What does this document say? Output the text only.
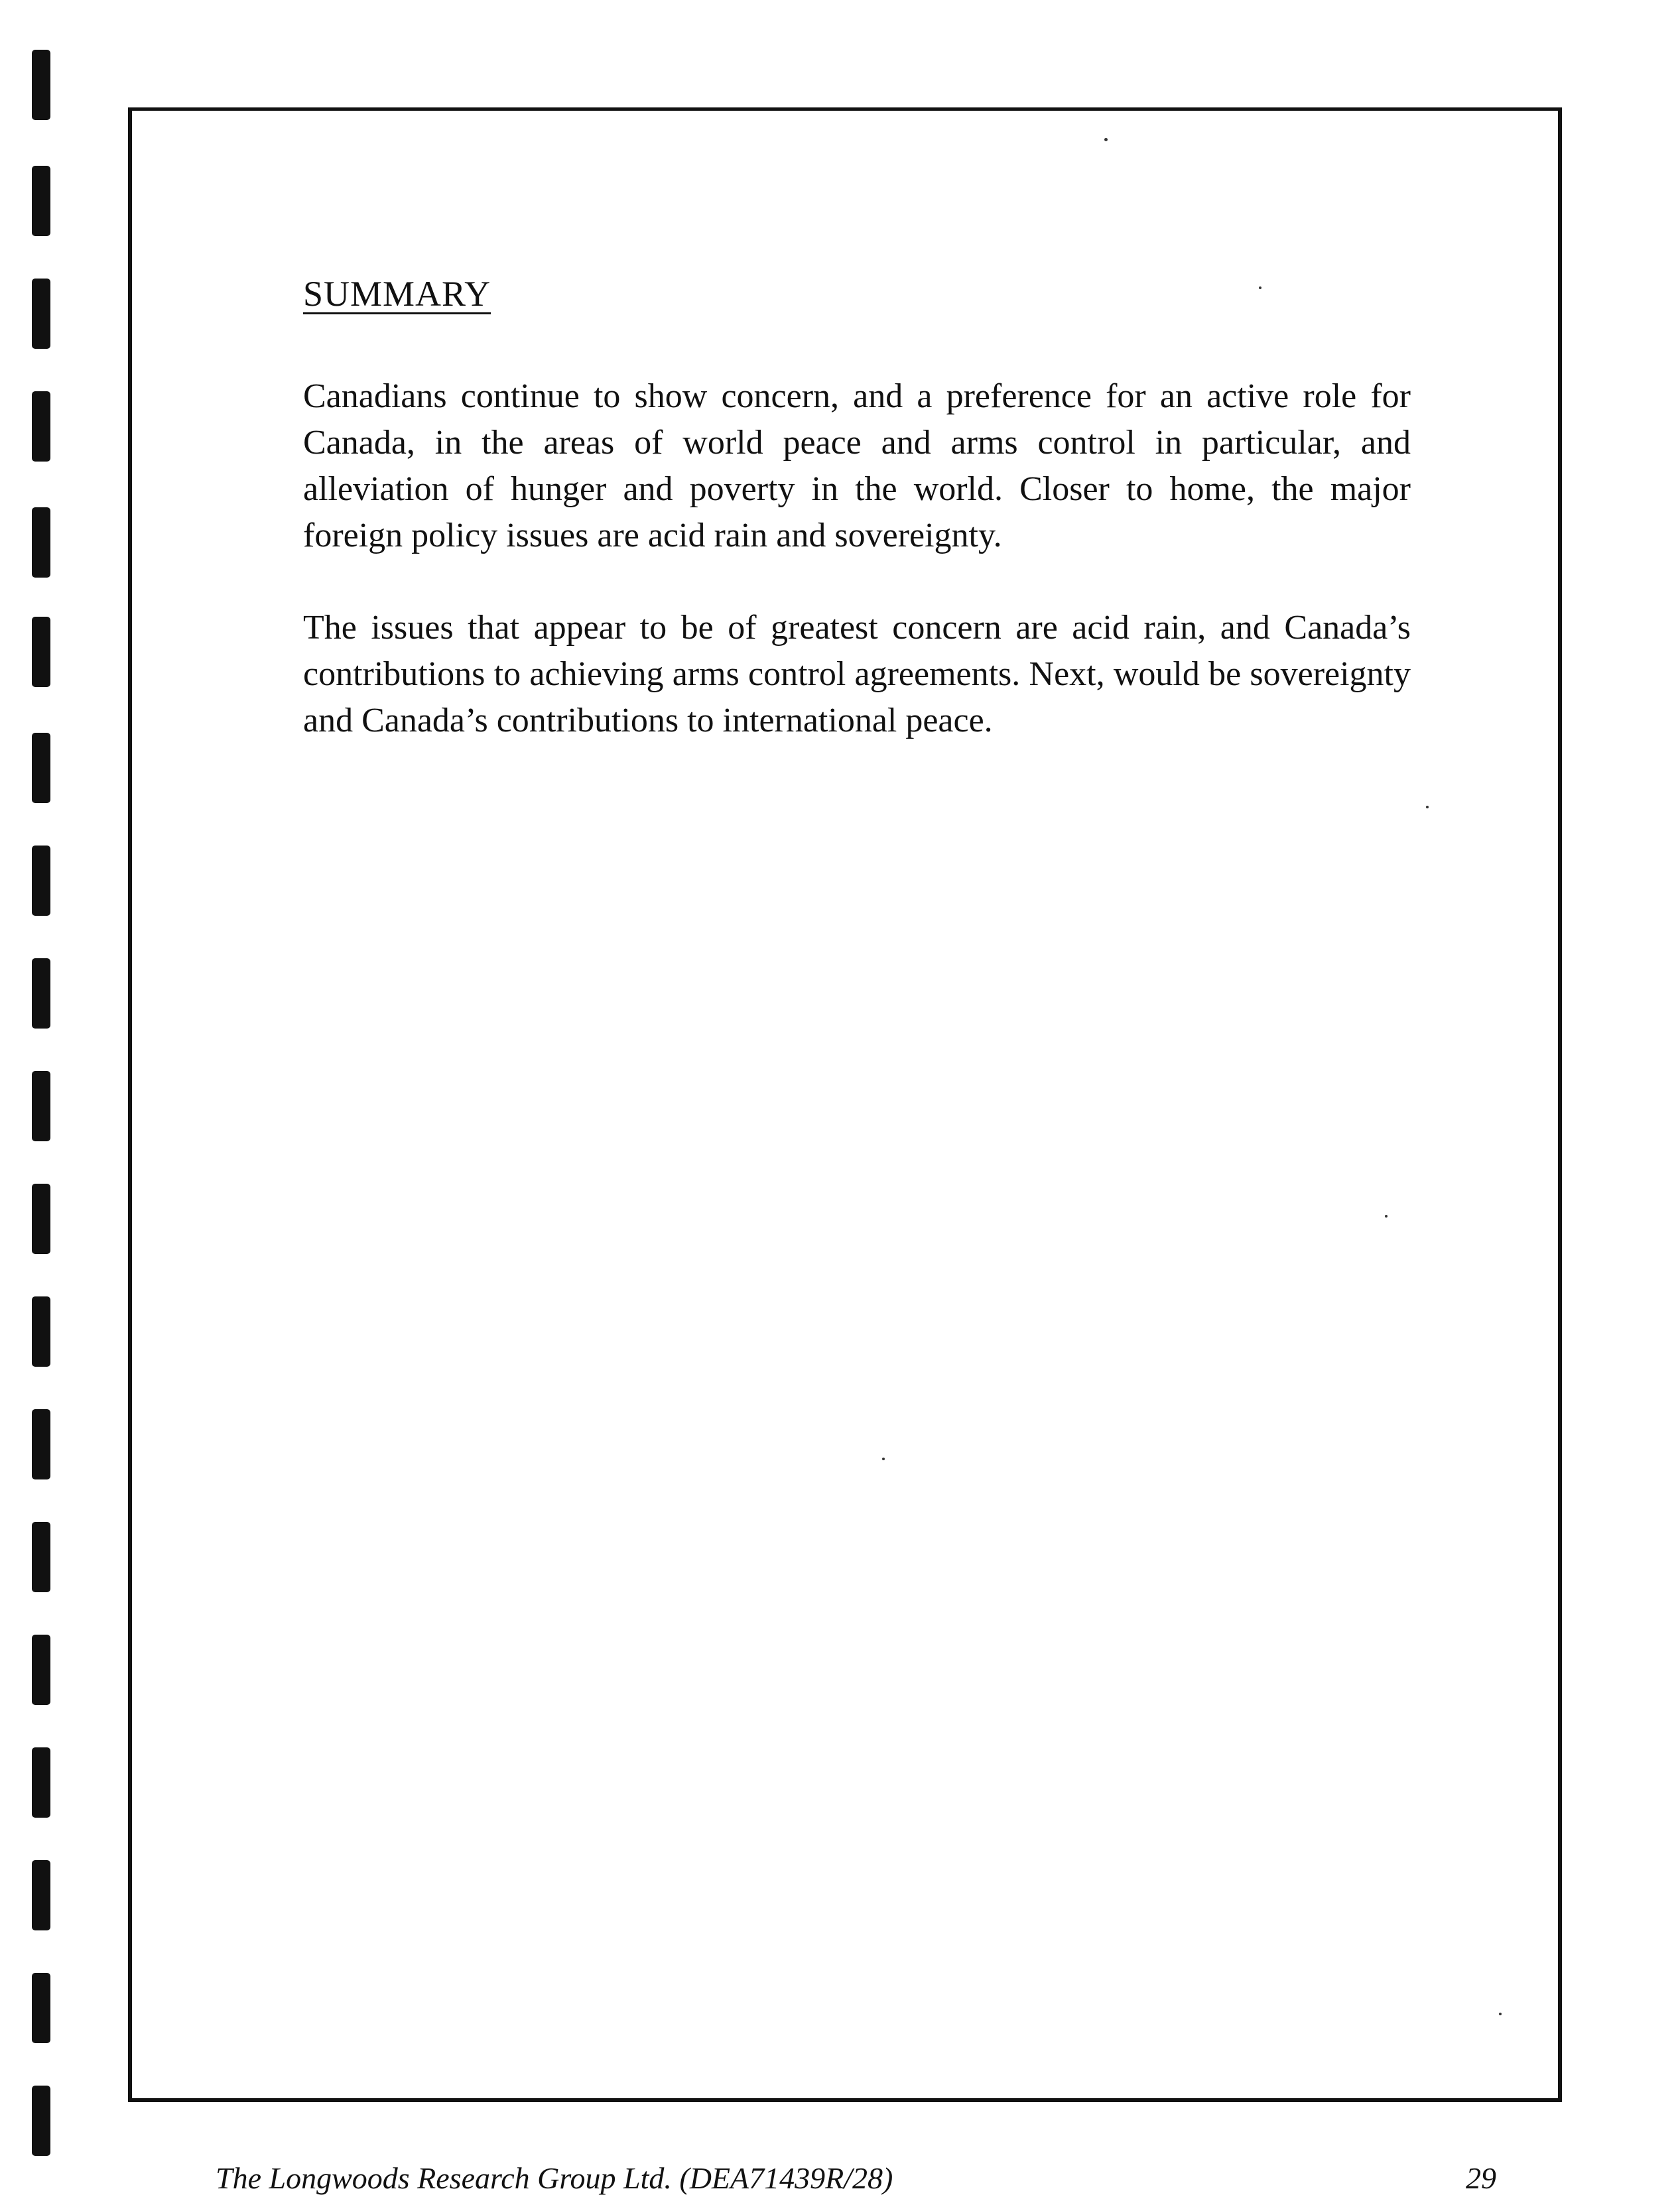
SUMMARY

Canadians continue to show concern, and a preference for an active role for Canada, in the areas of world peace and arms control in particular, and alleviation of hunger and poverty in the world. Closer to home, the major foreign policy issues are acid rain and sovereignty.

The issues that appear to be of greatest concern are acid rain, and Canada’s contributions to achieving arms control agreements. Next, would be sovereignty and Canada’s contributions to international peace.

The Longwoods Research Group Ltd. (DEA71439R/28)	29
